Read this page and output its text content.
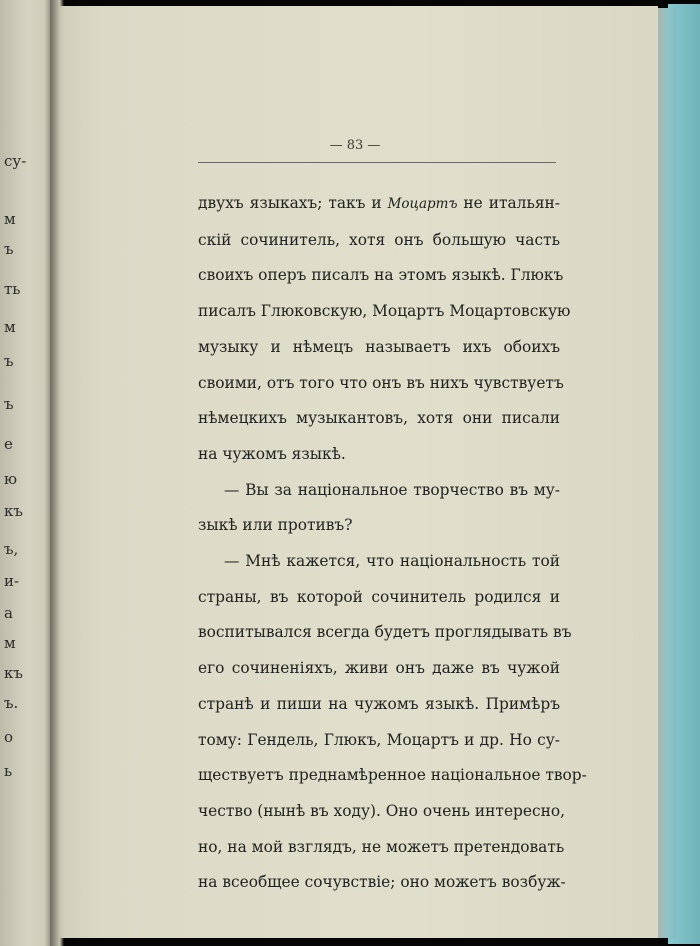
су-
м
ъ
ть
м
ъ
ъ
е
ю
къ
ъ,
и-
а
м
къ
ъ.
о
ь
— 83 —
двухъ языкахъ; такъ и Моцартъ не итальян-
скій сочинитель, хотя онъ большую часть
своихъ оперъ писалъ на этомъ языкѣ. Глюкъ
писалъ Глюковскую, Моцартъ Моцартовскую
музыку и нѣмецъ называетъ ихъ обоихъ
своими, отъ того что онъ въ нихъ чувствуетъ
нѣмецкихъ музыкантовъ, хотя они писали
на чужомъ языкѣ.
— Вы за національное творчество въ му-
зыкѣ или противъ?
— Мнѣ кажется, что національность той
страны, въ которой сочинитель родился и
воспитывался всегда будетъ проглядывать въ
его сочиненіяхъ, живи онъ даже въ чужой
странѣ и пиши на чужомъ языкѣ. Примѣръ
тому: Гендель, Глюкъ, Моцартъ и др. Но су-
ществуетъ преднамѣренное національное твор-
чество (нынѣ въ ходу). Оно очень интересно,
но, на мой взглядъ, не можетъ претендовать
на всеобщее сочувствіе; оно можетъ возбуж-
